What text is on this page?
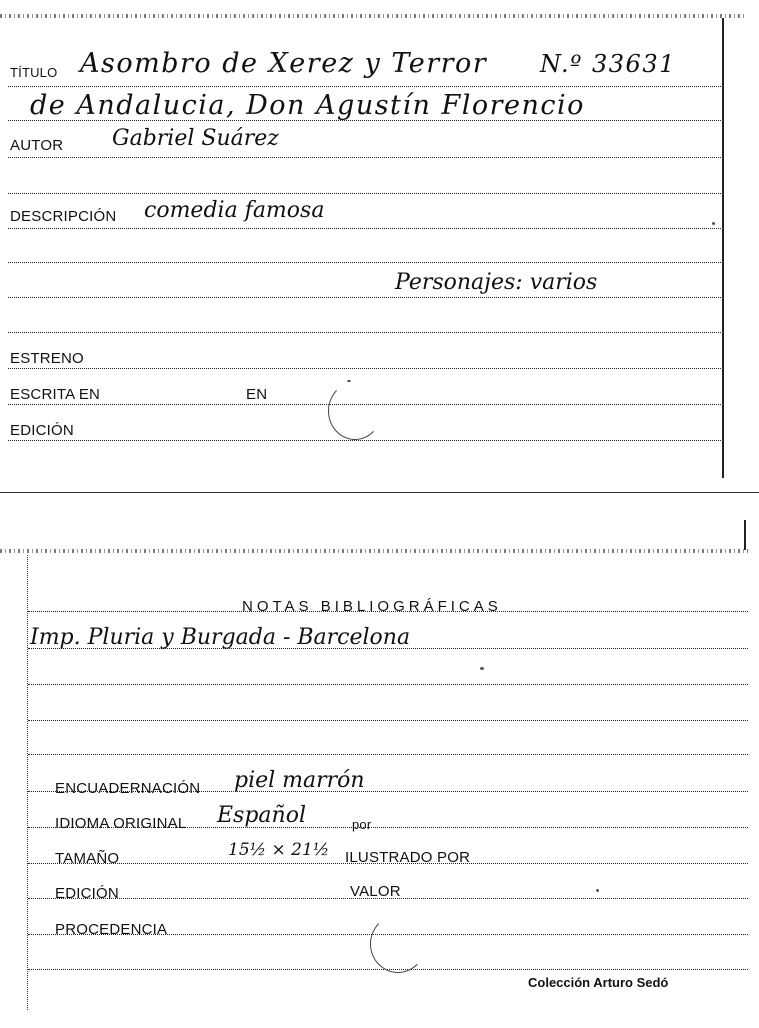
TÍTULO Asombro de Xerez y Terror N.º 33631
de Andalucia, Don Agustín Florencio
AUTOR Gabriel Suárez
DESCRIPCIÓN comedia famosa
Personajes: varios
ESTRENO
ESCRITA EN	EN
EDICIÓN
NOTAS BIBLIOGRÁFICAS
Imp. Pluria y Burgada - Barcelona
ENCUADERNACIÓN piel marrón
IDIOMA ORIGINAL Español	por
TAMAÑO	15½ × 21½ ILUSTRADO POR
EDICIÓN	VALOR
PROCEDENCIA
Colección Arturo Sedó
